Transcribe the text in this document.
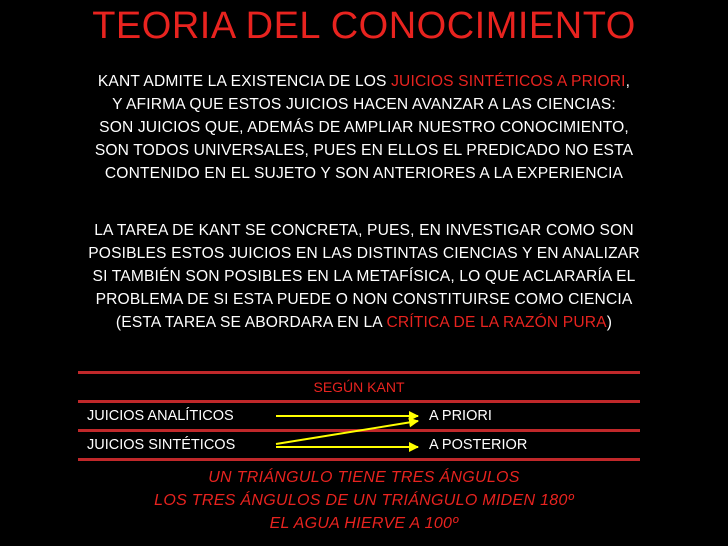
TEORIA DEL CONOCIMIENTO
KANT ADMITE LA EXISTENCIA DE LOS JUICIOS SINTÉTICOS A PRIORI,
Y AFIRMA QUE ESTOS JUICIOS HACEN AVANZAR A LAS CIENCIAS:
SON JUICIOS QUE, ADEMÁS DE AMPLIAR NUESTRO CONOCIMIENTO,
SON TODOS UNIVERSALES, PUES EN ELLOS EL PREDICADO NO ESTA
CONTENIDO EN EL SUJETO Y SON ANTERIORES A LA EXPERIENCIA
LA TAREA DE KANT SE CONCRETA, PUES, EN INVESTIGAR COMO SON
POSIBLES ESTOS JUICIOS EN LAS DISTINTAS CIENCIAS Y EN ANALIZAR
SI TAMBIÉN SON POSIBLES EN LA METAFÍSICA, LO QUE ACLARARÍA EL
PROBLEMA DE SI ESTA PUEDE O NON CONSTITUIRSE COMO CIENCIA
(ESTA TAREA SE ABORDARA EN LA CRÍTICA DE LA RAZÓN PURA)
SEGÚN KANT
JUICIOS ANALÍTICOS	A PRIORI
JUICIOS SINTÉTICOS	A POSTERIOR
UN TRIÁNGULO TIENE TRES ÁNGULOS
LOS TRES ÁNGULOS DE UN TRIÁNGULO MIDEN 180º
EL AGUA HIERVE A 100º
